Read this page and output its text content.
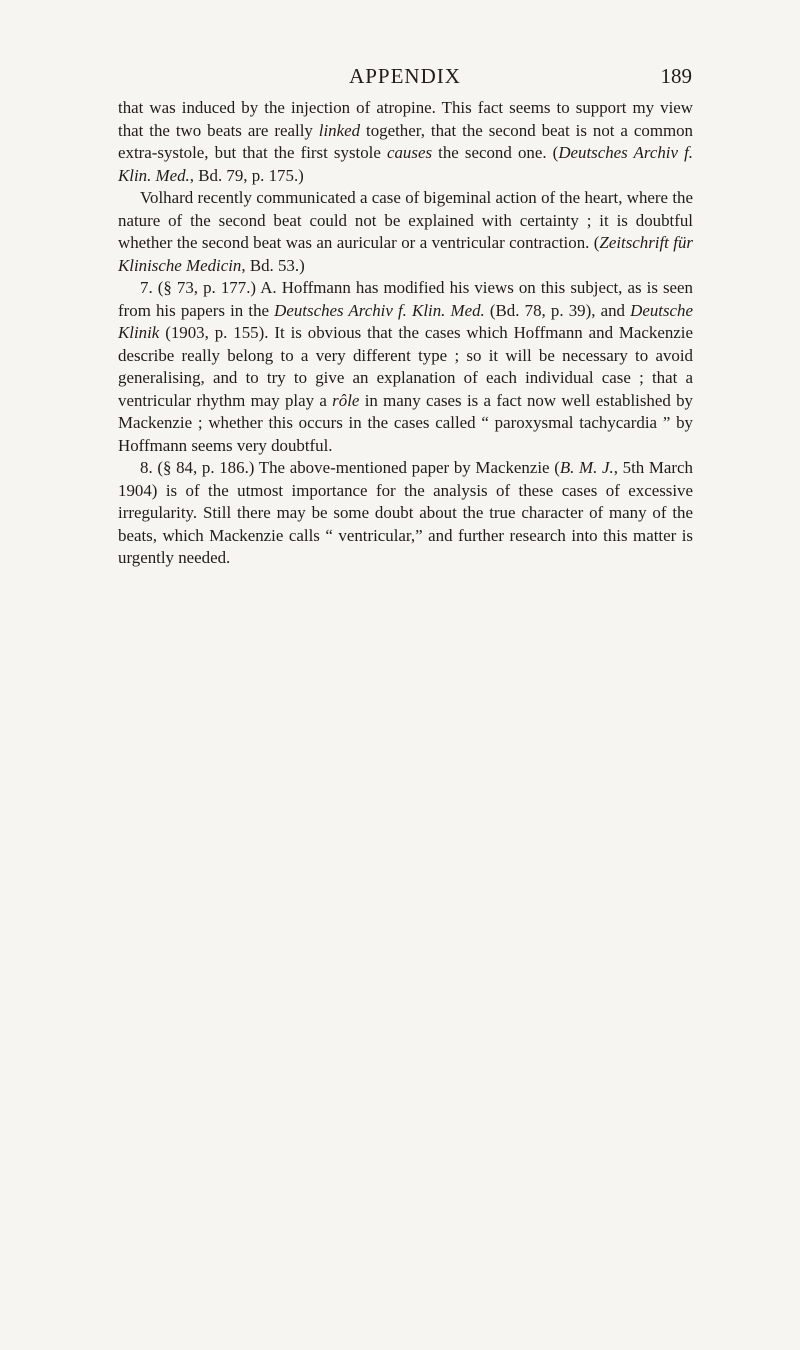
APPENDIX	189

that was induced by the injection of atropine. This fact seems to support my view that the two beats are really linked together, that the second beat is not a common extra-systole, but that the first systole causes the second one. (Deutsches Archiv f. Klin. Med., Bd. 79, p. 175.)

Volhard recently communicated a case of bigeminal action of the heart, where the nature of the second beat could not be explained with certainty ; it is doubtful whether the second beat was an auricular or a ventricular contraction. (Zeitschrift für Klinische Medicin, Bd. 53.)

7. (§ 73, p. 177.) A. Hoffmann has modified his views on this subject, as is seen from his papers in the Deutsches Archiv f. Klin. Med. (Bd. 78, p. 39), and Deutsche Klinik (1903, p. 155). It is obvious that the cases which Hoffmann and Mackenzie describe really belong to a very different type ; so it will be necessary to avoid generalising, and to try to give an explanation of each individual case ; that a ventricular rhythm may play a rôle in many cases is a fact now well established by Mackenzie ; whether this occurs in the cases called “ paroxysmal tachycardia ” by Hoffmann seems very doubtful.

8. (§ 84, p. 186.) The above-mentioned paper by Mackenzie (B. M. J., 5th March 1904) is of the utmost importance for the analysis of these cases of excessive irregularity. Still there may be some doubt about the true character of many of the beats, which Mackenzie calls “ ventricular,” and further research into this matter is urgently needed.
